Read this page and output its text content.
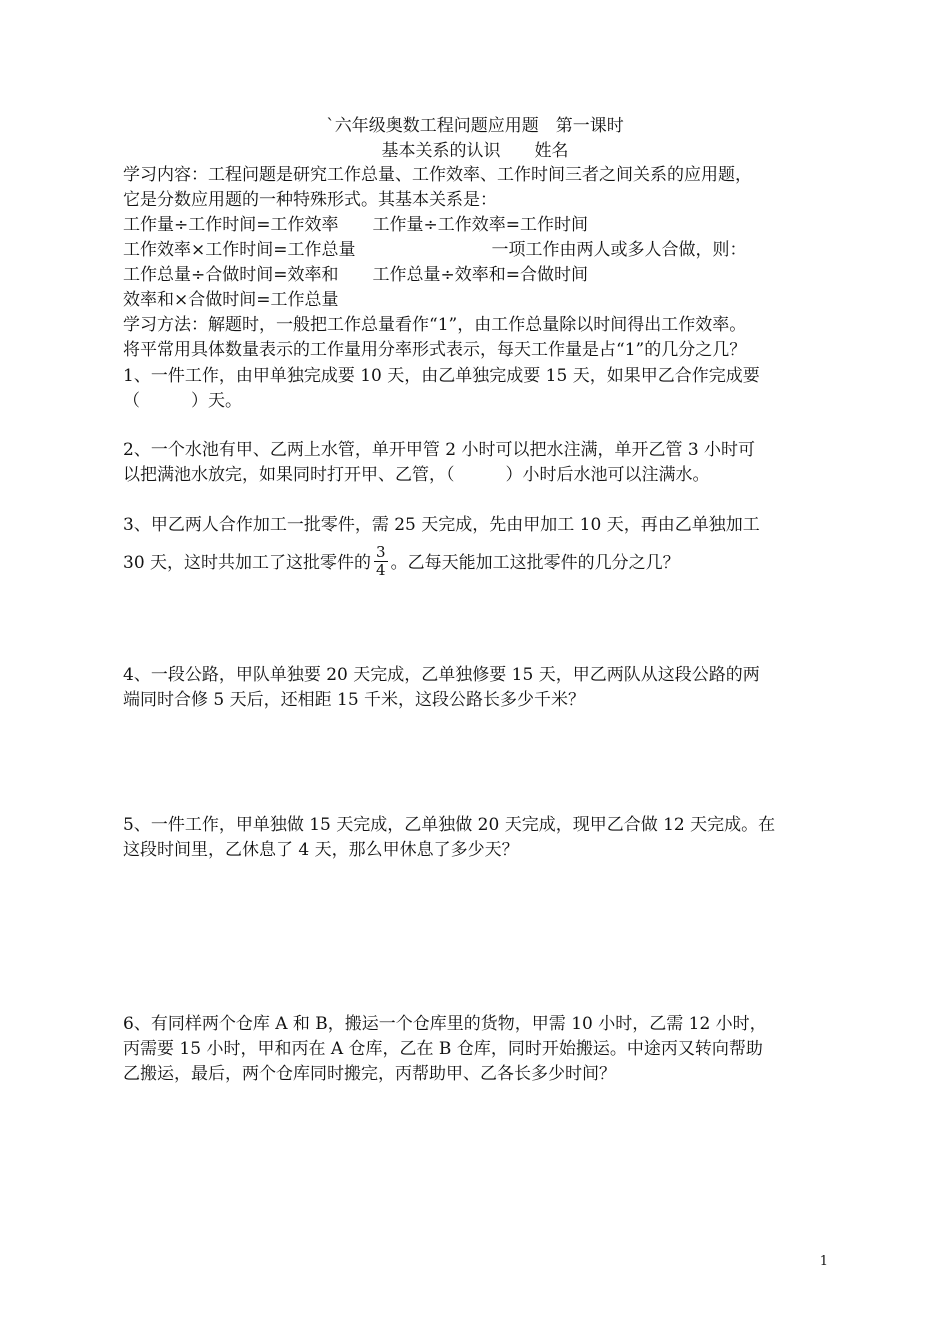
`六年级奥数工程问题应用题　第一课时
基本关系的认识　　姓名
学习内容：工程问题是研究工作总量、工作效率、工作时间三者之间关系的应用题，
它是分数应用题的一种特殊形式。其基本关系是：
工作量÷工作时间=工作效率　　工作量÷工作效率=工作时间
工作效率×工作时间=工作总量　　　　　　　　一项工作由两人或多人合做，则：
工作总量÷合做时间=效率和　　工作总量÷效率和=合做时间
效率和×合做时间=工作总量
学习方法：解题时，一般把工作总量看作“1”，由工作总量除以时间得出工作效率。
将平常用具体数量表示的工作量用分率形式表示，每天工作量是占“1”的几分之几？
1、一件工作，由甲单独完成要 10 天，由乙单独完成要 15 天，如果甲乙合作完成要
（　　　）天。
2、一个水池有甲、乙两上水管，单开甲管 2 小时可以把水注满，单开乙管 3 小时可
以把满池水放完，如果同时打开甲、乙管，（　　　）小时后水池可以注满水。
3、甲乙两人合作加工一批零件，需 25 天完成，先由甲加工 10 天，再由乙单独加工
30 天，这时共加工了这批零件的 $\frac{3}{4}$ 。乙每天能加工这批零件的几分之几？
4、一段公路，甲队单独要 20 天完成，乙单独修要 15 天，甲乙两队从这段公路的两
端同时合修 5 天后，还相距 15 千米，这段公路长多少千米？
5、一件工作，甲单独做 15 天完成，乙单独做 20 天完成，现甲乙合做 12 天完成。在
这段时间里，乙休息了 4 天，那么甲休息了多少天？
6、有同样两个仓库 A 和 B，搬运一个仓库里的货物，甲需 10 小时，乙需 12 小时，
丙需要 15 小时，甲和丙在 A 仓库，乙在 B 仓库，同时开始搬运。中途丙又转向帮助
乙搬运，最后，两个仓库同时搬完，丙帮助甲、乙各长多少时间？
1
